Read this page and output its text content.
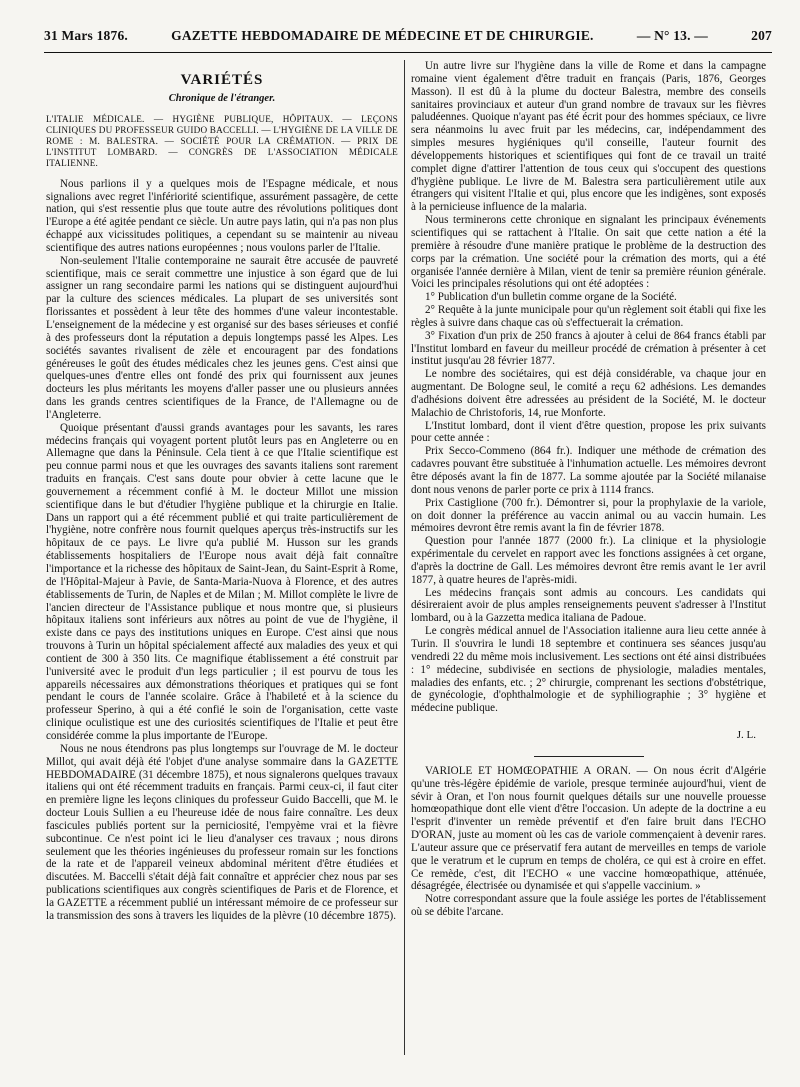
31 Mars 1876.	GAZETTE HEBDOMADAIRE DE MÉDECINE ET DE CHIRURGIE.	— N° 13. —	207
VARIÉTÉS
Chronique de l'étranger.

L'ITALIE MÉDICALE. — HYGIÈNE PUBLIQUE, HÔPITAUX. — LEÇONS CLINIQUES DU PROFESSEUR GUIDO BACCELLI. — L'HYGIÈNE DE LA VILLE DE ROME : M. BALESTRA. — SOCIÉTÉ POUR LA CRÉMATION. — PRIX DE L'INSTITUT LOMBARD. — CONGRÈS DE L'ASSOCIATION MÉDICALE ITALIENNE.

Nous parlions il y a quelques mois de l'Espagne médicale, et nous signalions avec regret l'infériorité scientifique, assurément passagère, de cette nation, qui s'est ressentie plus que toute autre des révolutions politiques dont l'Europe a été agitée pendant ce siècle. Un autre pays latin, qui n'a pas non plus échappé aux vicissitudes politiques, a cependant su se maintenir au niveau scientifique des autres nations européennes ; nous voulons parler de l'Italie.

Non-seulement l'Italie contemporaine ne saurait être accusée de pauvreté scientifique, mais ce serait commettre une injustice à son égard que de lui assigner un rang secondaire parmi les nations qui se distinguent aujourd'hui par la culture des sciences médicales. La plupart de ses universités sont florissantes et possèdent à leur tête des hommes d'une valeur incontestable. L'enseignement de la médecine y est organisé sur des bases sérieuses et confié à des professeurs dont la réputation a depuis longtemps passé les Alpes. Les sociétés savantes rivalisent de zèle et encouragent par des fondations généreuses le goût des études médicales chez les jeunes gens. C'est ainsi que quelques-unes d'entre elles ont fondé des prix qui fournissent aux jeunes docteurs les plus méritants les moyens d'aller passer une ou plusieurs années dans les grands centres scientifiques de la France, de l'Allemagne ou de l'Angleterre.

Quoique présentant d'aussi grands avantages pour les savants, les rares médecins français qui voyagent portent plutôt leurs pas en Angleterre ou en Allemagne que dans la Péninsule. Cela tient à ce que l'Italie scientifique est peu connue parmi nous et que les ouvrages des savants italiens sont rarement traduits en français. C'est sans doute pour obvier à cette lacune que le gouvernement a récemment confié à M. le docteur Millot une mission scientifique dans le but d'étudier l'hygiène publique et la chirurgie en Italie. Dans un rapport qui a été récemment publié et qui traite particulièrement de l'hygiène, notre confrère nous fournit quelques aperçus très-instructifs sur les hôpitaux de ce pays. Le livre qu'a publié M. Husson sur les grands établissements hospitaliers de l'Europe nous avait déjà fait connaître l'importance et la richesse des hôpitaux de Saint-Jean, du Saint-Esprit à Rome, de l'Hôpital-Majeur à Pavie, de Santa-Maria-Nuova à Florence, et des autres établissements de Turin, de Naples et de Milan ; M. Millot complète le livre de l'ancien directeur de l'Assistance publique et nous montre que, si plusieurs hôpitaux italiens sont inférieurs aux nôtres au point de vue de l'hygiène, il existe dans ce pays des institutions uniques en Europe. C'est ainsi que nous trouvons à Turin un hôpital spécialement affecté aux maladies des yeux et qui contient de 300 à 350 lits. Ce magnifique établissement a été construit par l'université avec le produit d'un legs particulier ; il est pourvu de tous les appareils nécessaires aux démonstrations théoriques et pratiques qui se font pendant le cours de l'année scolaire. Grâce à l'habileté et à la science du professeur Sperino, à qui a été confié le soin de l'organisation, cette vaste clinique oculistique est une des curiosités scientifiques de l'Italie et peut être considérée comme la plus importante de l'Europe.

Nous ne nous étendrons pas plus longtemps sur l'ouvrage de M. le docteur Millot, qui avait déjà été l'objet d'une analyse sommaire dans la GAZETTE HEBDOMADAIRE (31 décembre 1875), et nous signalerons quelques travaux italiens qui ont été récemment traduits en français. Parmi ceux-ci, il faut citer en première ligne les leçons cliniques du professeur Guido Baccelli, que M. le docteur Louis Sullien a eu l'heureuse idée de nous faire connaître. Les deux fascicules publiés portent sur la perniciosité, l'empyème vrai et la fièvre subcontinue. Ce n'est point ici le lieu d'analyser ces travaux ; nous dirons seulement que les théories ingénieuses du professeur romain sur les fonctions de la rate et de l'appareil veineux abdominal méritent d'être étudiées et discutées. M. Baccelli s'était déjà fait connaître et apprécier chez nous par ses publications scientifiques aux congrès scientifiques de Paris et de Florence, et la GAZETTE a récemment publié un intéressant mémoire de ce professeur sur la transmission des sons à travers les liquides de la plèvre (10 décembre 1875).

Un autre livre sur l'hygiène dans la ville de Rome et dans la campagne romaine vient également d'être traduit en français (Paris, 1876, Georges Masson). Il est dû à la plume du docteur Balestra, membre des conseils sanitaires provinciaux et auteur d'un grand nombre de travaux sur les fièvres paludéennes. Quoique n'ayant pas été écrit pour des hommes spéciaux, ce livre sera néanmoins lu avec fruit par les médecins, car, indépendamment des simples mesures hygiéniques qu'il conseille, l'auteur fournit des développements historiques et scientifiques qui font de ce travail un traité complet digne d'attirer l'attention de tous ceux qui s'occupent des questions d'hygiène publique. Le livre de M. Balestra sera particulièrement utile aux étrangers qui visitent l'Italie et qui, plus encore que les indigènes, sont exposés à la pernicieuse influence de la malaria.

Nous terminerons cette chronique en signalant les principaux événements scientifiques qui se rattachent à l'Italie. On sait que cette nation a été la première à résoudre d'une manière pratique le problème de la destruction des corps par la crémation. Une société pour la crémation des morts, qui a été organisée l'année dernière à Milan, vient de tenir sa première réunion générale. Voici les principales résolutions qui ont été adoptées :

1° Publication d'un bulletin comme organe de la Société.

2° Requête à la junte municipale pour qu'un règlement soit établi qui fixe les règles à suivre dans chaque cas où s'effectuerait la crémation.

3° Fixation d'un prix de 250 francs à ajouter à celui de 864 francs établi par l'Institut lombard en faveur du meilleur procédé de crémation à présenter à cet institut jusqu'au 28 février 1877.

Le nombre des sociétaires, qui est déjà considérable, va chaque jour en augmentant. De Bologne seul, le comité a reçu 62 adhésions. Les demandes d'adhésions doivent être adressées au président de la Société, M. le docteur Malachio de Christoforis, 14, rue Monforte.

L'Institut lombard, dont il vient d'être question, propose les prix suivants pour cette année :

Prix Secco-Commeno (864 fr.). Indiquer une méthode de crémation des cadavres pouvant être substituée à l'inhumation actuelle. Les mémoires devront être déposés avant la fin de 1877. La somme ajoutée par la Société milanaise dont nous venons de parler porte ce prix à 1114 francs.

Prix Castiglione (700 fr.). Démontrer si, pour la prophylaxie de la variole, on doit donner la préférence au vaccin animal ou au vaccin humain. Les mémoires devront être remis avant la fin de février 1878.

Question pour l'année 1877 (2000 fr.). La clinique et la physiologie expérimentale du cervelet en rapport avec les fonctions assignées à cet organe, d'après la doctrine de Gall. Les mémoires devront être remis avant le 1er avril 1877, à quatre heures de l'après-midi.

Les médecins français sont admis au concours. Les candidats qui désireraient avoir de plus amples renseignements peuvent s'adresser à l'Institut lombard, ou à la Gazzetta medica italiana de Padoue.

Le congrès médical annuel de l'Association italienne aura lieu cette année à Turin. Il s'ouvrira le lundi 18 septembre et continuera ses séances jusqu'au vendredi 22 du même mois inclusivement. Les sections ont été ainsi distribuées : 1° médecine, subdivisée en sections de physiologie, maladies mentales, maladies des enfants, etc. ; 2° chirurgie, comprenant les sections d'obstétrique, de gynécologie, d'ophthalmologie et de syphiliographie ; 3° hygiène et médecine publique.

J. L.

VARIOLE ET HOMŒOPATHIE A ORAN. — On nous écrit d'Algérie qu'une très-légère épidémie de variole, presque terminée aujourd'hui, vient de sévir à Oran, et l'on nous fournit quelques détails sur une nouvelle prouesse homœopathique dont elle vient d'être l'occasion. Un adepte de la doctrine a eu l'esprit d'inventer un remède préventif et d'en faire bruit dans l'ECHO D'ORAN, juste au moment où les cas de variole commençaient à devenir rares. L'auteur assure que ce préservatif fera autant de merveilles en temps de variole que le veratrum et le cuprum en temps de choléra, ce qui est à croire en effet. Ce remède, c'est, dit l'ECHO « une vaccine homœopathique, atténuée, désagrégée, électrisée ou dynamisée et qui s'appelle vaccinium. »

Notre correspondant assure que la foule assiége les portes de l'établissement où se débite l'arcane.
